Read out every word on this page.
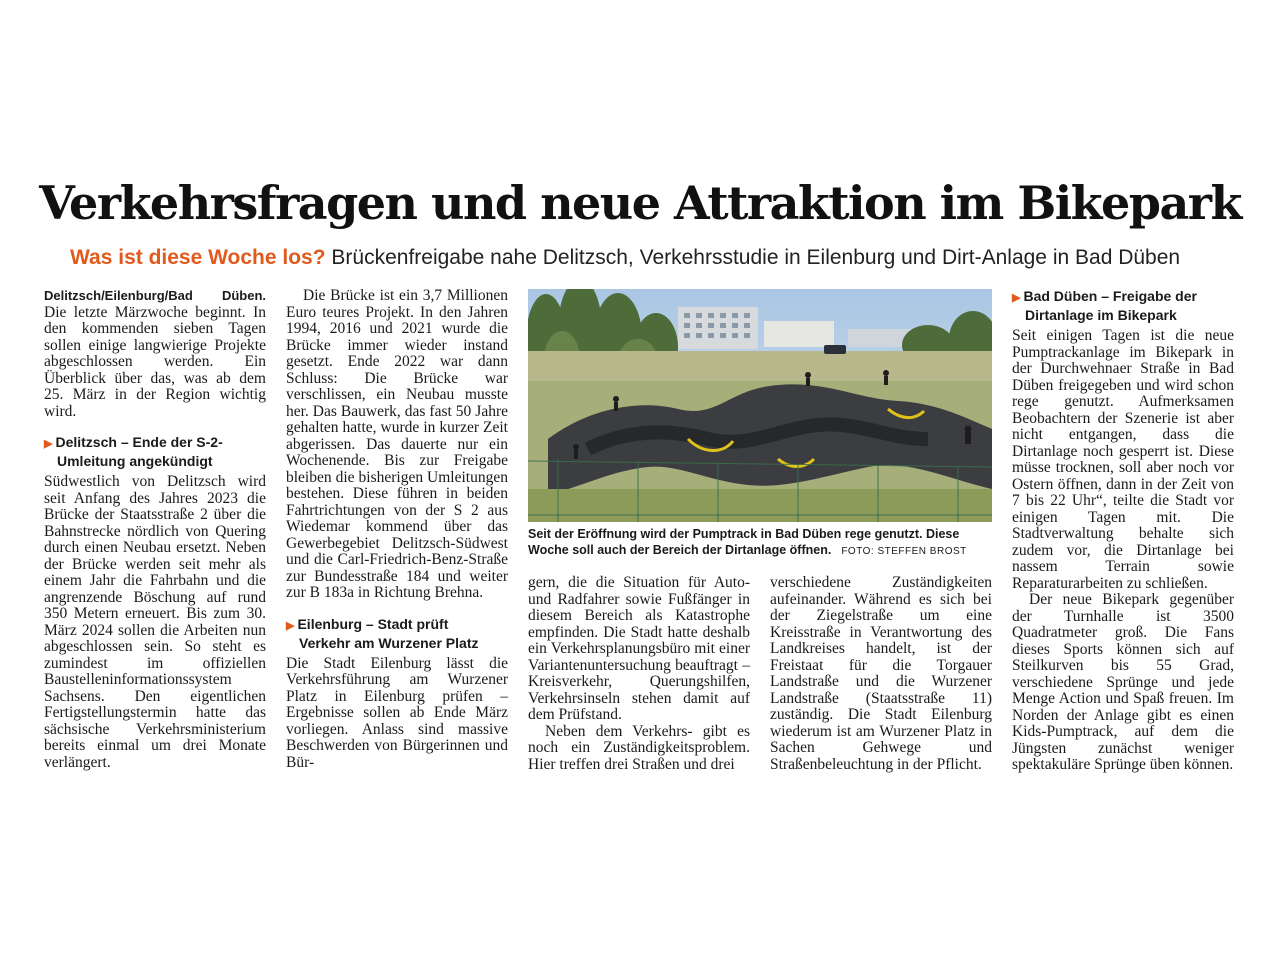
Verkehrsfragen und neue Attraktion im Bikepark
Was ist diese Woche los? Brückenfreigabe nahe Delitzsch, Verkehrsstudie in Eilenburg und Dirt-Anlage in Bad Düben

Delitzsch/Eilenburg/Bad Düben. Die letzte Märzwoche beginnt. In den kommenden sieben Tagen sollen einige langwierige Projekte abgeschlossen werden. Ein Überblick über das, was ab dem 25. März in der Region wichtig wird.

▶ Delitzsch – Ende der S-2-
Umleitung angekündigt

Südwestlich von Delitzsch wird seit Anfang des Jahres 2023 die Brücke der Staatsstraße 2 über die Bahnstrecke nördlich von Quering durch einen Neubau ersetzt. Neben der Brücke werden seit mehr als einem Jahr die Fahrbahn und die angrenzende Böschung auf rund 350 Metern erneuert. Bis zum 30. März 2024 sollen die Arbeiten nun abgeschlossen sein. So steht es zumindest im offiziellen Baustelleninformationssystem Sachsens. Den eigentlichen Fertigstellungstermin hatte das sächsische Verkehrsministerium bereits einmal um drei Monate verlängert.

Die Brücke ist ein 3,7 Millionen Euro teures Projekt. In den Jahren 1994, 2016 und 2021 wurde die Brücke immer wieder instand gesetzt. Ende 2022 war dann Schluss: Die Brücke war verschlissen, ein Neubau musste her. Das Bauwerk, das fast 50 Jahre gehalten hatte, wurde in kurzer Zeit abgerissen. Das dauerte nur ein Wochenende. Bis zur Freigabe bleiben die bisherigen Umleitungen bestehen. Diese führen in beiden Fahrtrichtungen von der S 2 aus Wiedemar kommend über das Gewerbegebiet Delitzsch-Südwest und die Carl-Friedrich-Benz-Straße zur Bundesstraße 184 und weiter zur B 183a in Richtung Brehna.

▶ Eilenburg – Stadt prüft
Verkehr am Wurzener Platz

Die Stadt Eilenburg lässt die Verkehrsführung am Wurzener Platz in Eilenburg prüfen – Ergebnisse sollen ab Ende März vorliegen. Anlass sind massive Beschwerden von Bürgerinnen und Bür-

Seit der Eröffnung wird der Pumptrack in Bad Düben rege genutzt. Diese Woche soll auch der Bereich der Dirtanlage öffnen. FOTO: STEFFEN BROST

gern, die die Situation für Auto- und Radfahrer sowie Fußfänger in diesem Bereich als Katastrophe empfinden. Die Stadt hatte deshalb ein Verkehrsplanungsbüro mit einer Variantenuntersuchung beauftragt –Kreisverkehr, Querungshilfen, Verkehrsinseln stehen damit auf dem Prüfstand.

Neben dem Verkehrs- gibt es noch ein Zuständigkeitsproblem. Hier treffen drei Straßen und drei

verschiedene Zuständigkeiten aufeinander. Während es sich bei der Ziegelstraße um eine Kreisstraße in Verantwortung des Landkreises handelt, ist der Freistaat für die Torgauer Landstraße und die Wurzener Landstraße (Staatsstraße 11) zuständig. Die Stadt Eilenburg wiederum ist am Wurzener Platz in Sachen Gehwege und Straßenbeleuchtung in der Pflicht.

▶ Bad Düben – Freigabe der
Dirtanlage im Bikepark

Seit einigen Tagen ist die neue Pumptrackanlage im Bikepark in der Durchwehnaer Straße in Bad Düben freigegeben und wird schon rege genutzt. Aufmerksamen Beobachtern der Szenerie ist aber nicht entgangen, dass die Dirtanlage noch gesperrt ist. Diese müsse trocknen, soll aber noch vor Ostern öffnen, dann in der Zeit von 7 bis 22 Uhr“, teilte die Stadt vor einigen Tagen mit. Die Stadtverwaltung behalte sich zudem vor, die Dirtanlage bei nassem Terrain sowie Reparaturarbeiten zu schließen.

Der neue Bikepark gegenüber der Turnhalle ist 3500 Quadratmeter groß. Die Fans dieses Sports können sich auf Steilkurven bis 55 Grad, verschiedene Sprünge und jede Menge Action und Spaß freuen. Im Norden der Anlage gibt es einen Kids-Pumptrack, auf dem die Jüngsten zunächst weniger spektakuläre Sprünge üben können.
